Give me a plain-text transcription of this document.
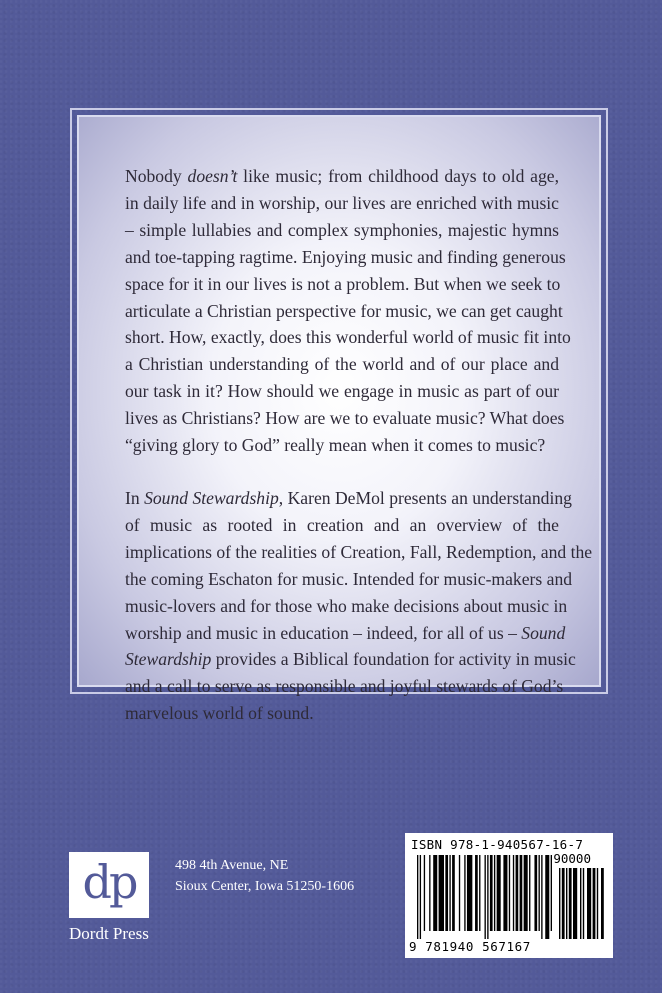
Nobody doesn’t like music; from childhood days to old age,
in daily life and in worship, our lives are enriched with music
– simple lullabies and complex symphonies, majestic hymns
and toe-tapping ragtime. Enjoying music and finding generous
space for it in our lives is not a problem. But when we seek to
articulate a Christian perspective for music, we can get caught
short. How, exactly, does this wonderful world of music fit into
a Christian understanding of the world and of our place and
our task in it? How should we engage in music as part of our
lives as Christians? How are we to evaluate music? What does
“giving glory to God” really mean when it comes to music?

In Sound Stewardship, Karen DeMol presents an understanding
of music as rooted in creation and an overview of the
implications of the realities of Creation, Fall, Redemption, and the
the coming Eschaton for music. Intended for music-makers and
music-lovers and for those who make decisions about music in
worship and music in education – indeed, for all of us – Sound
Stewardship provides a Biblical foundation for activity in music
and a call to serve as responsible and joyful stewards of God’s
marvelous world of sound.

dp
Dordt Press
498 4th Avenue, NE
Sioux Center, Iowa 51250-1606
ISBN 978-1-940567-16-7
90000
9 781940 567167
